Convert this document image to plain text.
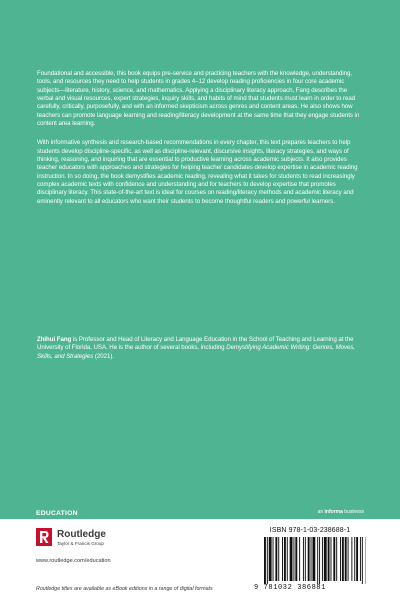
Foundational and accessible, this book equips pre-service and practicing teachers with the knowledge, understanding, tools, and resources they need to help students in grades 4–12 develop reading proficiencies in four core academic subjects—literature, history, science, and mathematics. Applying a disciplinary literacy approach, Fang describes the verbal and visual resources, expert strategies, inquiry skills, and habits of mind that students must learn in order to read carefully, critically, purposefully, and with an informed skepticism across genres and content areas. He also shows how teachers can promote language learning and reading/literacy development at the same time that they engage students in content area learning.

With informative synthesis and research-based recommendations in every chapter, this text prepares teachers to help students develop discipline-specific, as well as discipline-relevant, discursive insights, literacy strategies, and ways of thinking, reasoning, and inquiring that are essential to productive learning across academic subjects. It also provides teacher educators with approaches and strategies for helping teacher candidates develop expertise in academic reading instruction. In so doing, the book demystifies academic reading, revealing what it takes for students to read increasingly complex academic texts with confidence and understanding and for teachers to develop expertise that promotes disciplinary literacy. This state-of-the-art text is ideal for courses on reading/literacy methods and academic literacy and eminently relevant to all educators who want their students to become thoughtful readers and powerful learners.

Zhihui Fang is Professor and Head of Literacy and Language Education in the School of Teaching and Learning at the University of Florida, USA. He is the author of several books, including Demystifying Academic Writing: Genres, Moves, Skills, and Strategies (2021).
EDUCATION	an informa business
Routledge
Taylor & Francis Group
www.routledge.com/education
Routledge titles are available as eBook editions in a range of digital formats
ISBN 978-1-03-238688-1
9 781032 386881
